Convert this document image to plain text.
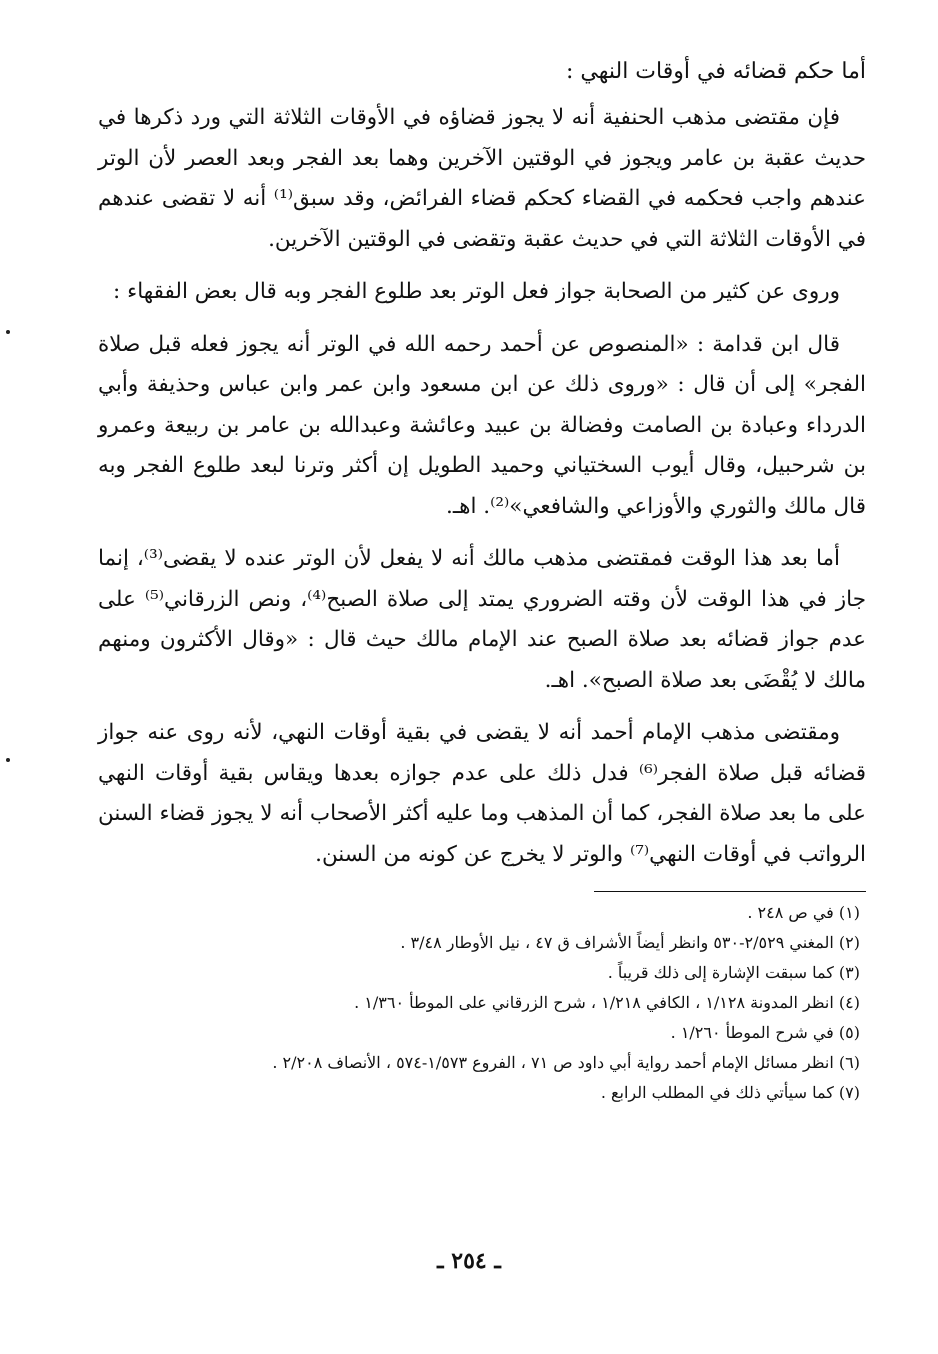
أما حكم قضائه في أوقات النهي :

فإن مقتضى مذهب الحنفية أنه لا يجوز قضاؤه في الأوقات الثلاثة التي ورد ذكرها في حديث عقبة بن عامر ويجوز في الوقتين الآخرين وهما بعد الفجر وبعد العصر لأن الوتر عندهم واجب فحكمه في القضاء كحكم قضاء الفرائض، وقد سبق⁽¹⁾ أنه لا تقضى عندهم في الأوقات الثلاثة التي في حديث عقبة وتقضى في الوقتين الآخرين.

وروى عن كثير من الصحابة جواز فعل الوتر بعد طلوع الفجر وبه قال بعض الفقهاء :

قال ابن قدامة : «المنصوص عن أحمد رحمه الله في الوتر أنه يجوز فعله قبل صلاة الفجر» إلى أن قال : «وروى ذلك عن ابن مسعود وابن عمر وابن عباس وحذيفة وأبي الدرداء وعبادة بن الصامت وفضالة بن عبيد وعائشة وعبدالله بن عامر بن ربيعة وعمرو بن شرحبيل، وقال أيوب السختياني وحميد الطويل إن أكثر وترنا لبعد طلوع الفجر وبه قال مالك والثوري والأوزاعي والشافعي»⁽²⁾. اهـ.

أما بعد هذا الوقت فمقتضى مذهب مالك أنه لا يفعل لأن الوتر عنده لا يقضى⁽³⁾، إنما جاز في هذا الوقت لأن وقته الضروري يمتد إلى صلاة الصبح⁽⁴⁾، ونص الزرقاني⁽⁵⁾ على عدم جواز قضائه بعد صلاة الصبح عند الإمام مالك حيث قال : «وقال الأكثرون ومنهم مالك لا يُقْضَى بعد صلاة الصبح». اهـ.

ومقتضى مذهب الإمام أحمد أنه لا يقضى في بقية أوقات النهي، لأنه روى عنه جواز قضائه قبل صلاة الفجر⁽⁶⁾ فدل ذلك على عدم جوازه بعدها ويقاس بقية أوقات النهي على ما بعد صلاة الفجر، كما أن المذهب وما عليه أكثر الأصحاب أنه لا يجوز قضاء السنن الرواتب في أوقات النهي⁽⁷⁾ والوتر لا يخرج عن كونه من السنن.

(١) في ص ٢٤٨ .
(٢) المغني ٢/٥٢٩-٥٣٠ وانظر أيضاً الأشراف ق ٤٧ ، نيل الأوطار ٣/٤٨ .
(٣) كما سبقت الإشارة إلى ذلك قريباً .
(٤) انظر المدونة ١/١٢٨ ، الكافي ١/٢١٨ ، شرح الزرقاني على الموطأ ١/٣٦٠ .
(٥) في شرح الموطأ ١/٢٦٠ .
(٦) انظر مسائل الإمام أحمد رواية أبي داود ص ٧١ ، الفروع ١/٥٧٣-٥٧٤ ، الأنصاف ٢/٢٠٨ .
(٧) كما سيأتي ذلك في المطلب الرابع .
ـ ٢٥٤ ـ
